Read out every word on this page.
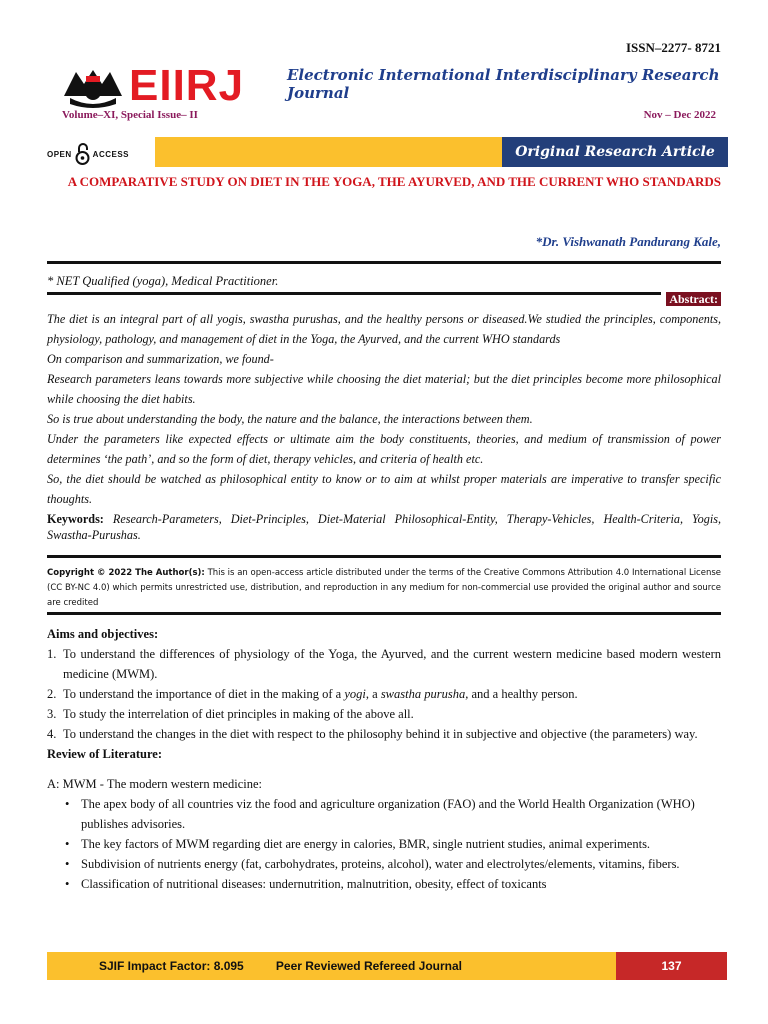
ISSN–2277- 8721
EIIRJ	Electronic International Interdisciplinary Research Journal
Volume–XI, Special Issue– II	Nov – Dec 2022
OPEN	ACCESS	Original Research Article
A COMPARATIVE STUDY ON DIET IN THE YOGA, THE AYURVED, AND THE CURRENT WHO STANDARDS
*Dr. Vishwanath Pandurang Kale,
* NET Qualified (yoga), Medical Practitioner.
Abstract:

The diet is an integral part of all yogis, swastha purushas, and the healthy persons or diseased.We studied the principles, components, physiology, pathology, and management of diet in the Yoga, the Ayurved, and the current WHO standards

On comparison and summarization, we found-

Research parameters leans towards more subjective while choosing the diet material; but the diet principles become more philosophical while choosing the diet habits.

So is true about understanding the body, the nature and the balance, the interactions between them.

Under the parameters like expected effects or ultimate aim the body constituents, theories, and medium of transmission of power determines ‘the path’, and so the form of diet, therapy vehicles, and criteria of health etc.

So, the diet should be watched as philosophical entity to know or to aim at whilst proper materials are imperative to transfer specific thoughts.

Keywords: Research-Parameters, Diet-Principles, Diet-Material Philosophical-Entity, Therapy-Vehicles, Health-Criteria, Yogis, Swastha-Purushas.
Copyright © 2022 The Author(s): This is an open-access article distributed under the terms of the Creative Commons Attribution 4.0 International License (CC BY-NC 4.0) which permits unrestricted use, distribution, and reproduction in any medium for non-commercial use provided the original author and source are credited
Aims and objectives:
1. To understand the differences of physiology of the Yoga, the Ayurved, and the current western medicine based modern western medicine (MWM).
2. To understand the importance of diet in the making of a yogi, a swastha purusha, and a healthy person.
3. To study the interrelation of diet principles in making of the above all.
4. To understand the changes in the diet with respect to the philosophy behind it in subjective and objective (the parameters) way.
Review of Literature:
A: MWM - The modern western medicine:
• The apex body of all countries viz the food and agriculture organization (FAO) and the World Health Organization (WHO) publishes advisories.
• The key factors of MWM regarding diet are energy in calories, BMR, single nutrient studies, animal experiments.
• Subdivision of nutrients energy (fat, carbohydrates, proteins, alcohol), water and electrolytes/elements, vitamins, fibers.
• Classification of nutritional diseases: undernutrition, malnutrition, obesity, effect of toxicants
SJIF Impact Factor: 8.095	Peer Reviewed Refereed Journal	137
